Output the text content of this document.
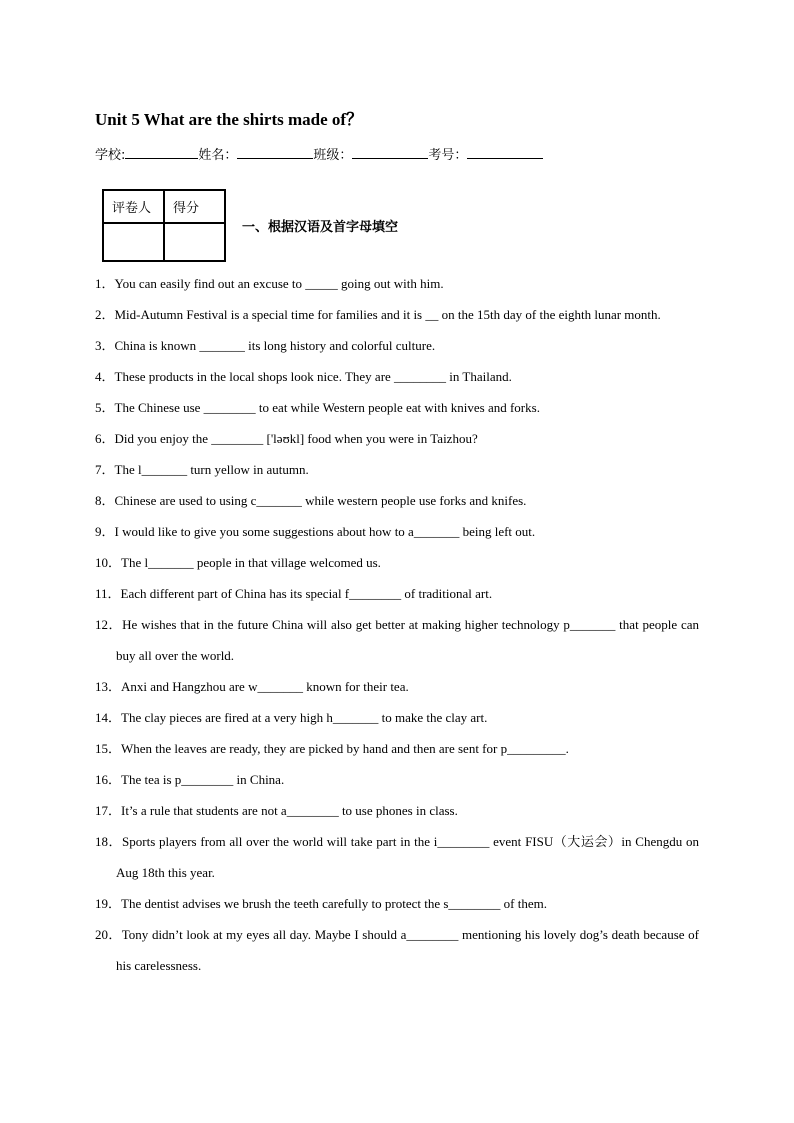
Unit 5 What are the shirts made of？
学校:	姓名：	班级：	考号：
评卷人	得分

一、根据汉语及首字母填空
1．You can easily find out an excuse to _____ going out with him.
2．Mid-Autumn Festival is a special time for families and it is __ on the 15th day of the eighth lunar month.
3．China is known _______ its long history and colorful culture.
4．These products in the local shops look nice. They are ________ in Thailand.
5．The Chinese use ________ to eat while Western people eat with knives and forks.
6．Did you enjoy the ________ ['ləʊkl] food when you were in Taizhou?
7．The l_______ turn yellow in autumn.
8．Chinese are used to using c_______ while western people use forks and knifes.
9．I would like to give you some suggestions about how to a_______ being left out.
10．The l_______ people in that village welcomed us.
11．Each different part of China has its special f________ of traditional art.
12．He wishes that in the future China will also get better at making higher technology p_______ that people can buy all over the world.
13．Anxi and Hangzhou are w_______ known for their tea.
14．The clay pieces are fired at a very high h_______ to make the clay art.
15．When the leaves are ready, they are picked by hand and then are sent for p_________.
16．The tea is p________ in China.
17．It’s a rule that students are not a________ to use phones in class.
18．Sports players from all over the world will take part in the i________ event FISU（大运会）in Chengdu on Aug 18th this year.
19．The dentist advises we brush the teeth carefully to protect the s________ of them.
20．Tony didn’t look at my eyes all day. Maybe I should a________ mentioning his lovely dog’s death because of his carelessness.
